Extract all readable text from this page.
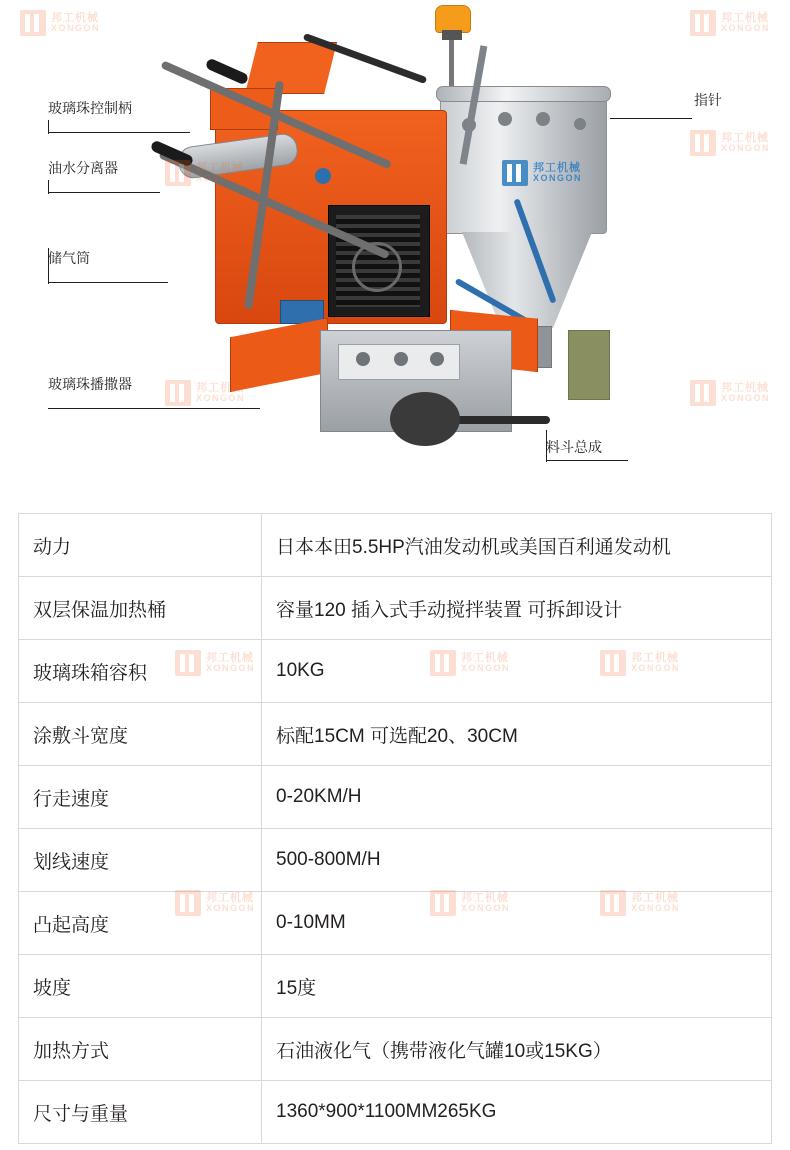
邦工机械
XONGON
玻璃珠控制柄
油水分离器
储气筒
玻璃珠播撒器
指针
料斗总成
邦工机械
XONGON
邦工机械
XONGON
邦工机械
XONGON
邦工机械
XONGON
邦工机械
XONGON
邦工机械
XONGON
动力	日本本田5.5HP汽油发动机或美国百利通发动机
双层保温加热桶	容量120 插入式手动搅拌装置 可拆卸设计
玻璃珠箱容积	10KG
涂敷斗宽度	标配15CM 可选配20、30CM
行走速度	0-20KM/H
划线速度	500-800M/H
凸起高度	0-10MM
坡度	15度
加热方式	石油液化气（携带液化气罐10或15KG）
尺寸与重量	1360*900*1100MM265KG
邦工机械
XONGON
邦工机械
XONGON
邦工机械
XONGON
邦工机械
XONGON
邦工机械
XONGON
邦工机械
XONGON
